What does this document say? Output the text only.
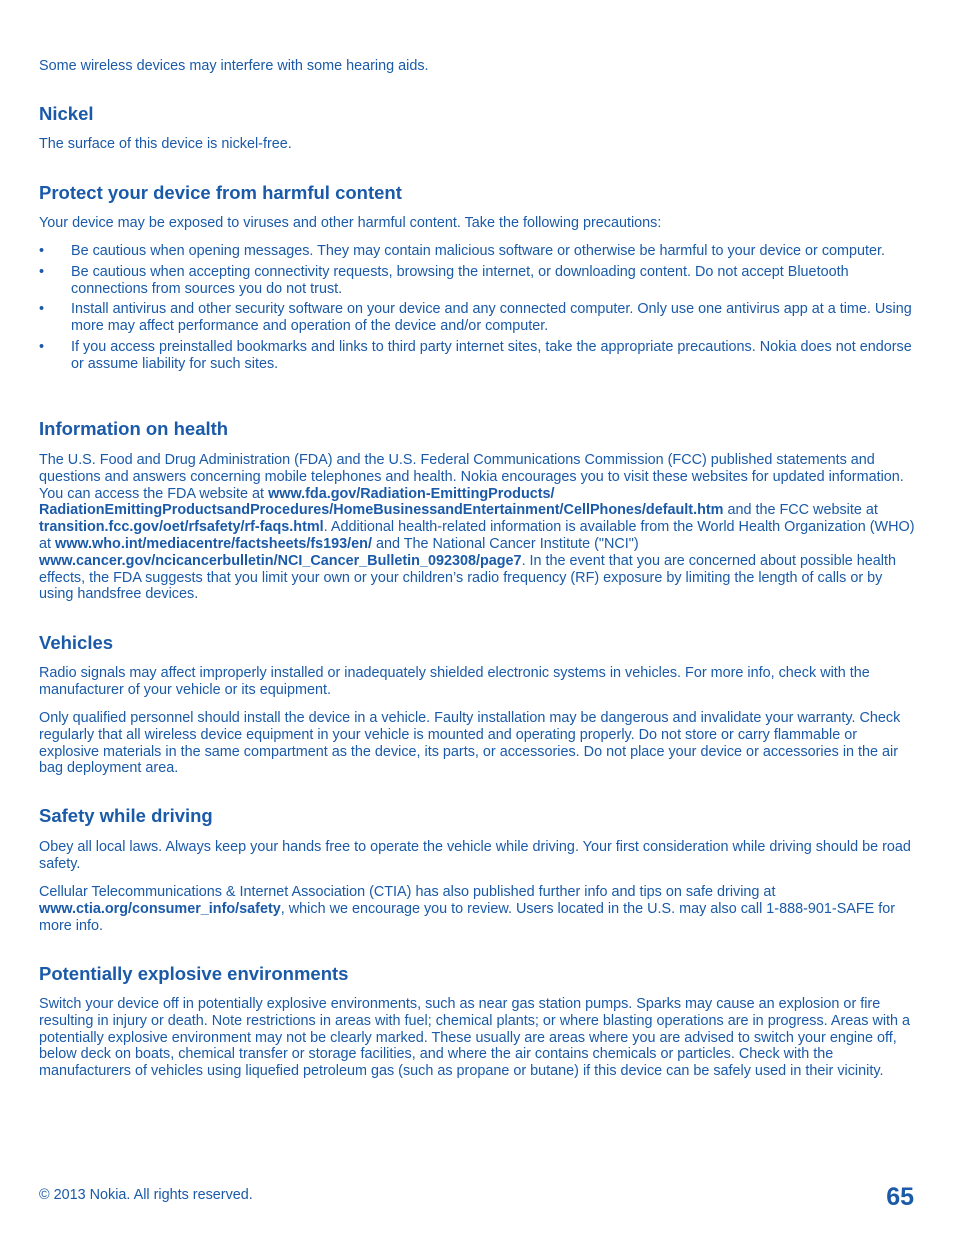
Some wireless devices may interfere with some hearing aids.

Nickel

The surface of this device is nickel-free.

Protect your device from harmful content

Your device may be exposed to viruses and other harmful content. Take the following precautions:

• Be cautious when opening messages. They may contain malicious software or otherwise be harmful to your device or computer.
• Be cautious when accepting connectivity requests, browsing the internet, or downloading content. Do not accept Bluetooth connections from sources you do not trust.
• Install antivirus and other security software on your device and any connected computer. Only use one antivirus app at a time. Using more may affect performance and operation of the device and/or computer.
• If you access preinstalled bookmarks and links to third party internet sites, take the appropriate precautions. Nokia does not endorse or assume liability for such sites.
Information on health

The U.S. Food and Drug Administration (FDA) and the U.S. Federal Communications Commission (FCC) published statements and questions and answers concerning mobile telephones and health. Nokia encourages you to visit these websites for updated information. You can access the FDA website at www.fda.gov/Radiation-EmittingProducts/ RadiationEmittingProductsandProcedures/HomeBusinessandEntertainment/CellPhones/default.htm and the FCC website at transition.fcc.gov/oet/rfsafety/rf-faqs.html. Additional health-related information is available from the World Health Organization (WHO) at www.who.int/mediacentre/factsheets/fs193/en/ and The National Cancer Institute ("NCI") www.cancer.gov/ncicancerbulletin/NCI_Cancer_Bulletin_092308/page7. In the event that you are concerned about possible health effects, the FDA suggests that you limit your own or your children’s radio frequency (RF) exposure by limiting the length of calls or by using handsfree devices.

Vehicles

Radio signals may affect improperly installed or inadequately shielded electronic systems in vehicles. For more info, check with the manufacturer of your vehicle or its equipment.

Only qualified personnel should install the device in a vehicle. Faulty installation may be dangerous and invalidate your warranty. Check regularly that all wireless device equipment in your vehicle is mounted and operating properly. Do not store or carry flammable or explosive materials in the same compartment as the device, its parts, or accessories. Do not place your device or accessories in the air bag deployment area.

Safety while driving

Obey all local laws. Always keep your hands free to operate the vehicle while driving. Your first consideration while driving should be road safety.

Cellular Telecommunications & Internet Association (CTIA) has also published further info and tips on safe driving at www.ctia.org/consumer_info/safety, which we encourage you to review. Users located in the U.S. may also call 1-888-901-SAFE for more info.

Potentially explosive environments

Switch your device off in potentially explosive environments, such as near gas station pumps. Sparks may cause an explosion or fire resulting in injury or death. Note restrictions in areas with fuel; chemical plants; or where blasting operations are in progress. Areas with a potentially explosive environment may not be clearly marked. These usually are areas where you are advised to switch your engine off, below deck on boats, chemical transfer or storage facilities, and where the air contains chemicals or particles. Check with the manufacturers of vehicles using liquefied petroleum gas (such as propane or butane) if this device can be safely used in their vicinity.

© 2013 Nokia. All rights reserved.	65
